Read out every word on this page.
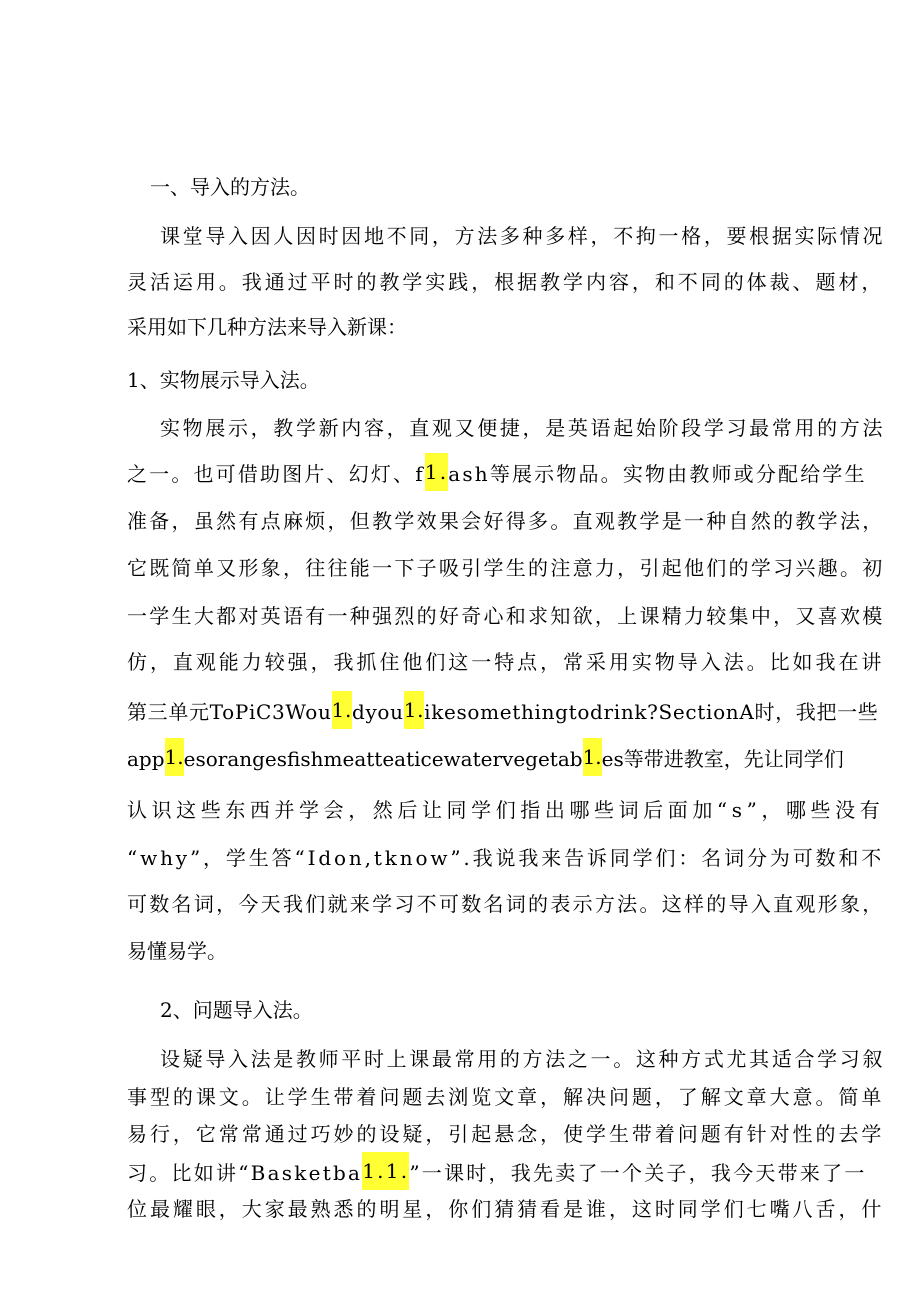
一、导入的方法。
课堂导入因人因时因地不同，方法多种多样，不拘一格，要根据实际情况
灵活运用。我通过平时的教学实践，根据教学内容，和不同的体裁、题材，
采用如下几种方法来导入新课：
1、实物展示导入法。
实物展示，教学新内容，直观又便捷，是英语起始阶段学习最常用的方法
之一。也可借助图片、幻灯、f1.ash等展示物品。实物由教师或分配给学生
准备，虽然有点麻烦，但教学效果会好得多。直观教学是一种自然的教学法，
它既简单又形象，往往能一下子吸引学生的注意力，引起他们的学习兴趣。初
一学生大都对英语有一种强烈的好奇心和求知欲，上课精力较集中，又喜欢模
仿，直观能力较强，我抓住他们这一特点，常采用实物导入法。比如我在讲
第三单元ToPiC3Wou1.dyou1.ikesomethingtodrink?SectionA时，我把一些
app1.esorangesfishmeatteaticewatervegetab1.es等带进教室，先让同学们
认识这些东西并学会，然后让同学们指出哪些词后面加“s”，哪些没有
“why”，学生答“Idon,tknow”.我说我来告诉同学们：名词分为可数和不
可数名词，今天我们就来学习不可数名词的表示方法。这样的导入直观形象，
易懂易学。
2、问题导入法。
设疑导入法是教师平时上课最常用的方法之一。这种方式尤其适合学习叙
事型的课文。让学生带着问题去浏览文章，解决问题，了解文章大意。简单
易行，它常常通过巧妙的设疑，引起悬念，使学生带着问题有针对性的去学
习。比如讲“Basketba1.1.”一课时，我先卖了一个关子，我今天带来了一
位最耀眼，大家最熟悉的明星，你们猜猜看是谁，这时同学们七嘴八舌，什
